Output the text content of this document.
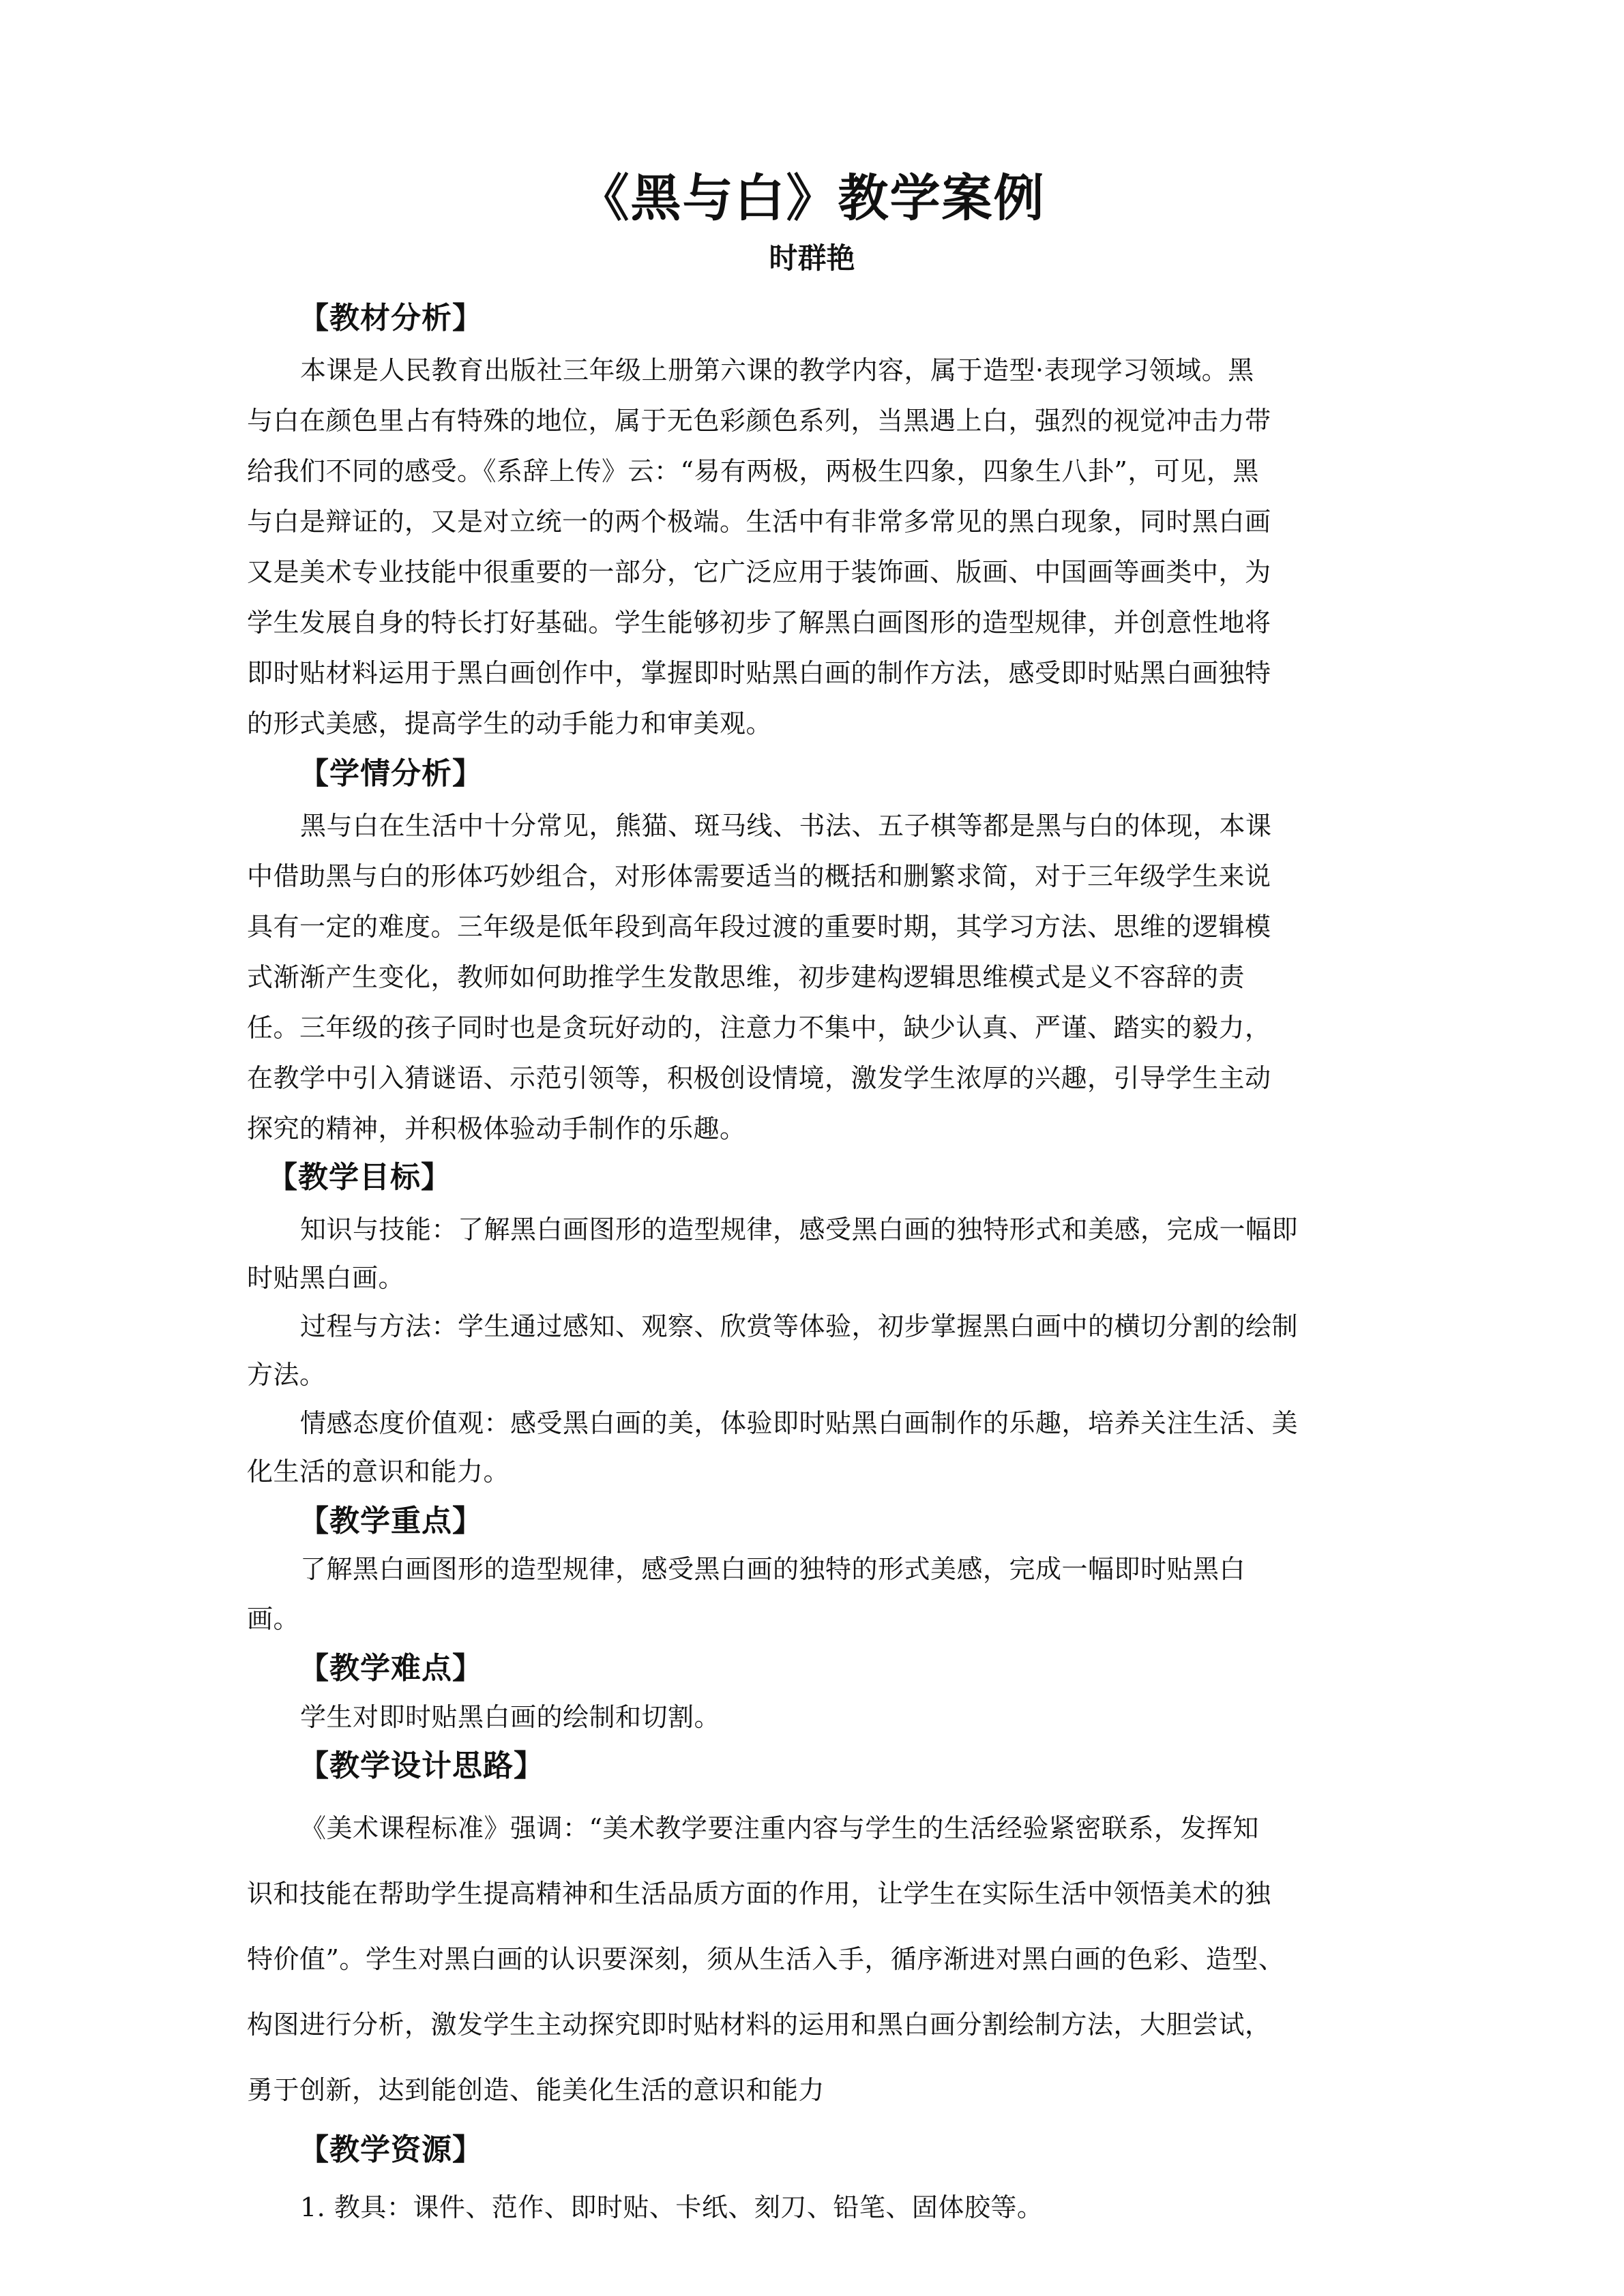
《黑与白》教学案例
时群艳
【教材分析】
本课是人民教育出版社三年级上册第六课的教学内容，属于造型·表现学习领域。黑
与白在颜色里占有特殊的地位，属于无色彩颜色系列，当黑遇上白，强烈的视觉冲击力带
给我们不同的感受。《系辞上传》云：“易有两极，两极生四象，四象生八卦”，可见，黑
与白是辩证的，又是对立统一的两个极端。生活中有非常多常见的黑白现象，同时黑白画
又是美术专业技能中很重要的一部分，它广泛应用于装饰画、版画、中国画等画类中，为
学生发展自身的特长打好基础。学生能够初步了解黑白画图形的造型规律，并创意性地将
即时贴材料运用于黑白画创作中，掌握即时贴黑白画的制作方法，感受即时贴黑白画独特
的形式美感，提高学生的动手能力和审美观。
【学情分析】
黑与白在生活中十分常见，熊猫、斑马线、书法、五子棋等都是黑与白的体现，本课
中借助黑与白的形体巧妙组合，对形体需要适当的概括和删繁求简，对于三年级学生来说
具有一定的难度。三年级是低年段到高年段过渡的重要时期，其学习方法、思维的逻辑模
式渐渐产生变化，教师如何助推学生发散思维，初步建构逻辑思维模式是义不容辞的责
任。三年级的孩子同时也是贪玩好动的，注意力不集中，缺少认真、严谨、踏实的毅力，
在教学中引入猜谜语、示范引领等，积极创设情境，激发学生浓厚的兴趣，引导学生主动
探究的精神，并积极体验动手制作的乐趣。
【教学目标】
知识与技能：了解黑白画图形的造型规律，感受黑白画的独特形式和美感，完成一幅即
时贴黑白画。
过程与方法：学生通过感知、观察、欣赏等体验，初步掌握黑白画中的横切分割的绘制
方法。
情感态度价值观：感受黑白画的美，体验即时贴黑白画制作的乐趣，培养关注生活、美
化生活的意识和能力。
【教学重点】
了解黑白画图形的造型规律，感受黑白画的独特的形式美感，完成一幅即时贴黑白
画。
【教学难点】
学生对即时贴黑白画的绘制和切割。
【教学设计思路】
《美术课程标准》强调：“美术教学要注重内容与学生的生活经验紧密联系，发挥知
识和技能在帮助学生提高精神和生活品质方面的作用，让学生在实际生活中领悟美术的独
特价值”。学生对黑白画的认识要深刻，须从生活入手，循序渐进对黑白画的色彩、造型、
构图进行分析，激发学生主动探究即时贴材料的运用和黑白画分割绘制方法，大胆尝试，
勇于创新，达到能创造、能美化生活的意识和能力
【教学资源】
1. 教具：课件、范作、即时贴、卡纸、刻刀、铅笔、固体胶等。
